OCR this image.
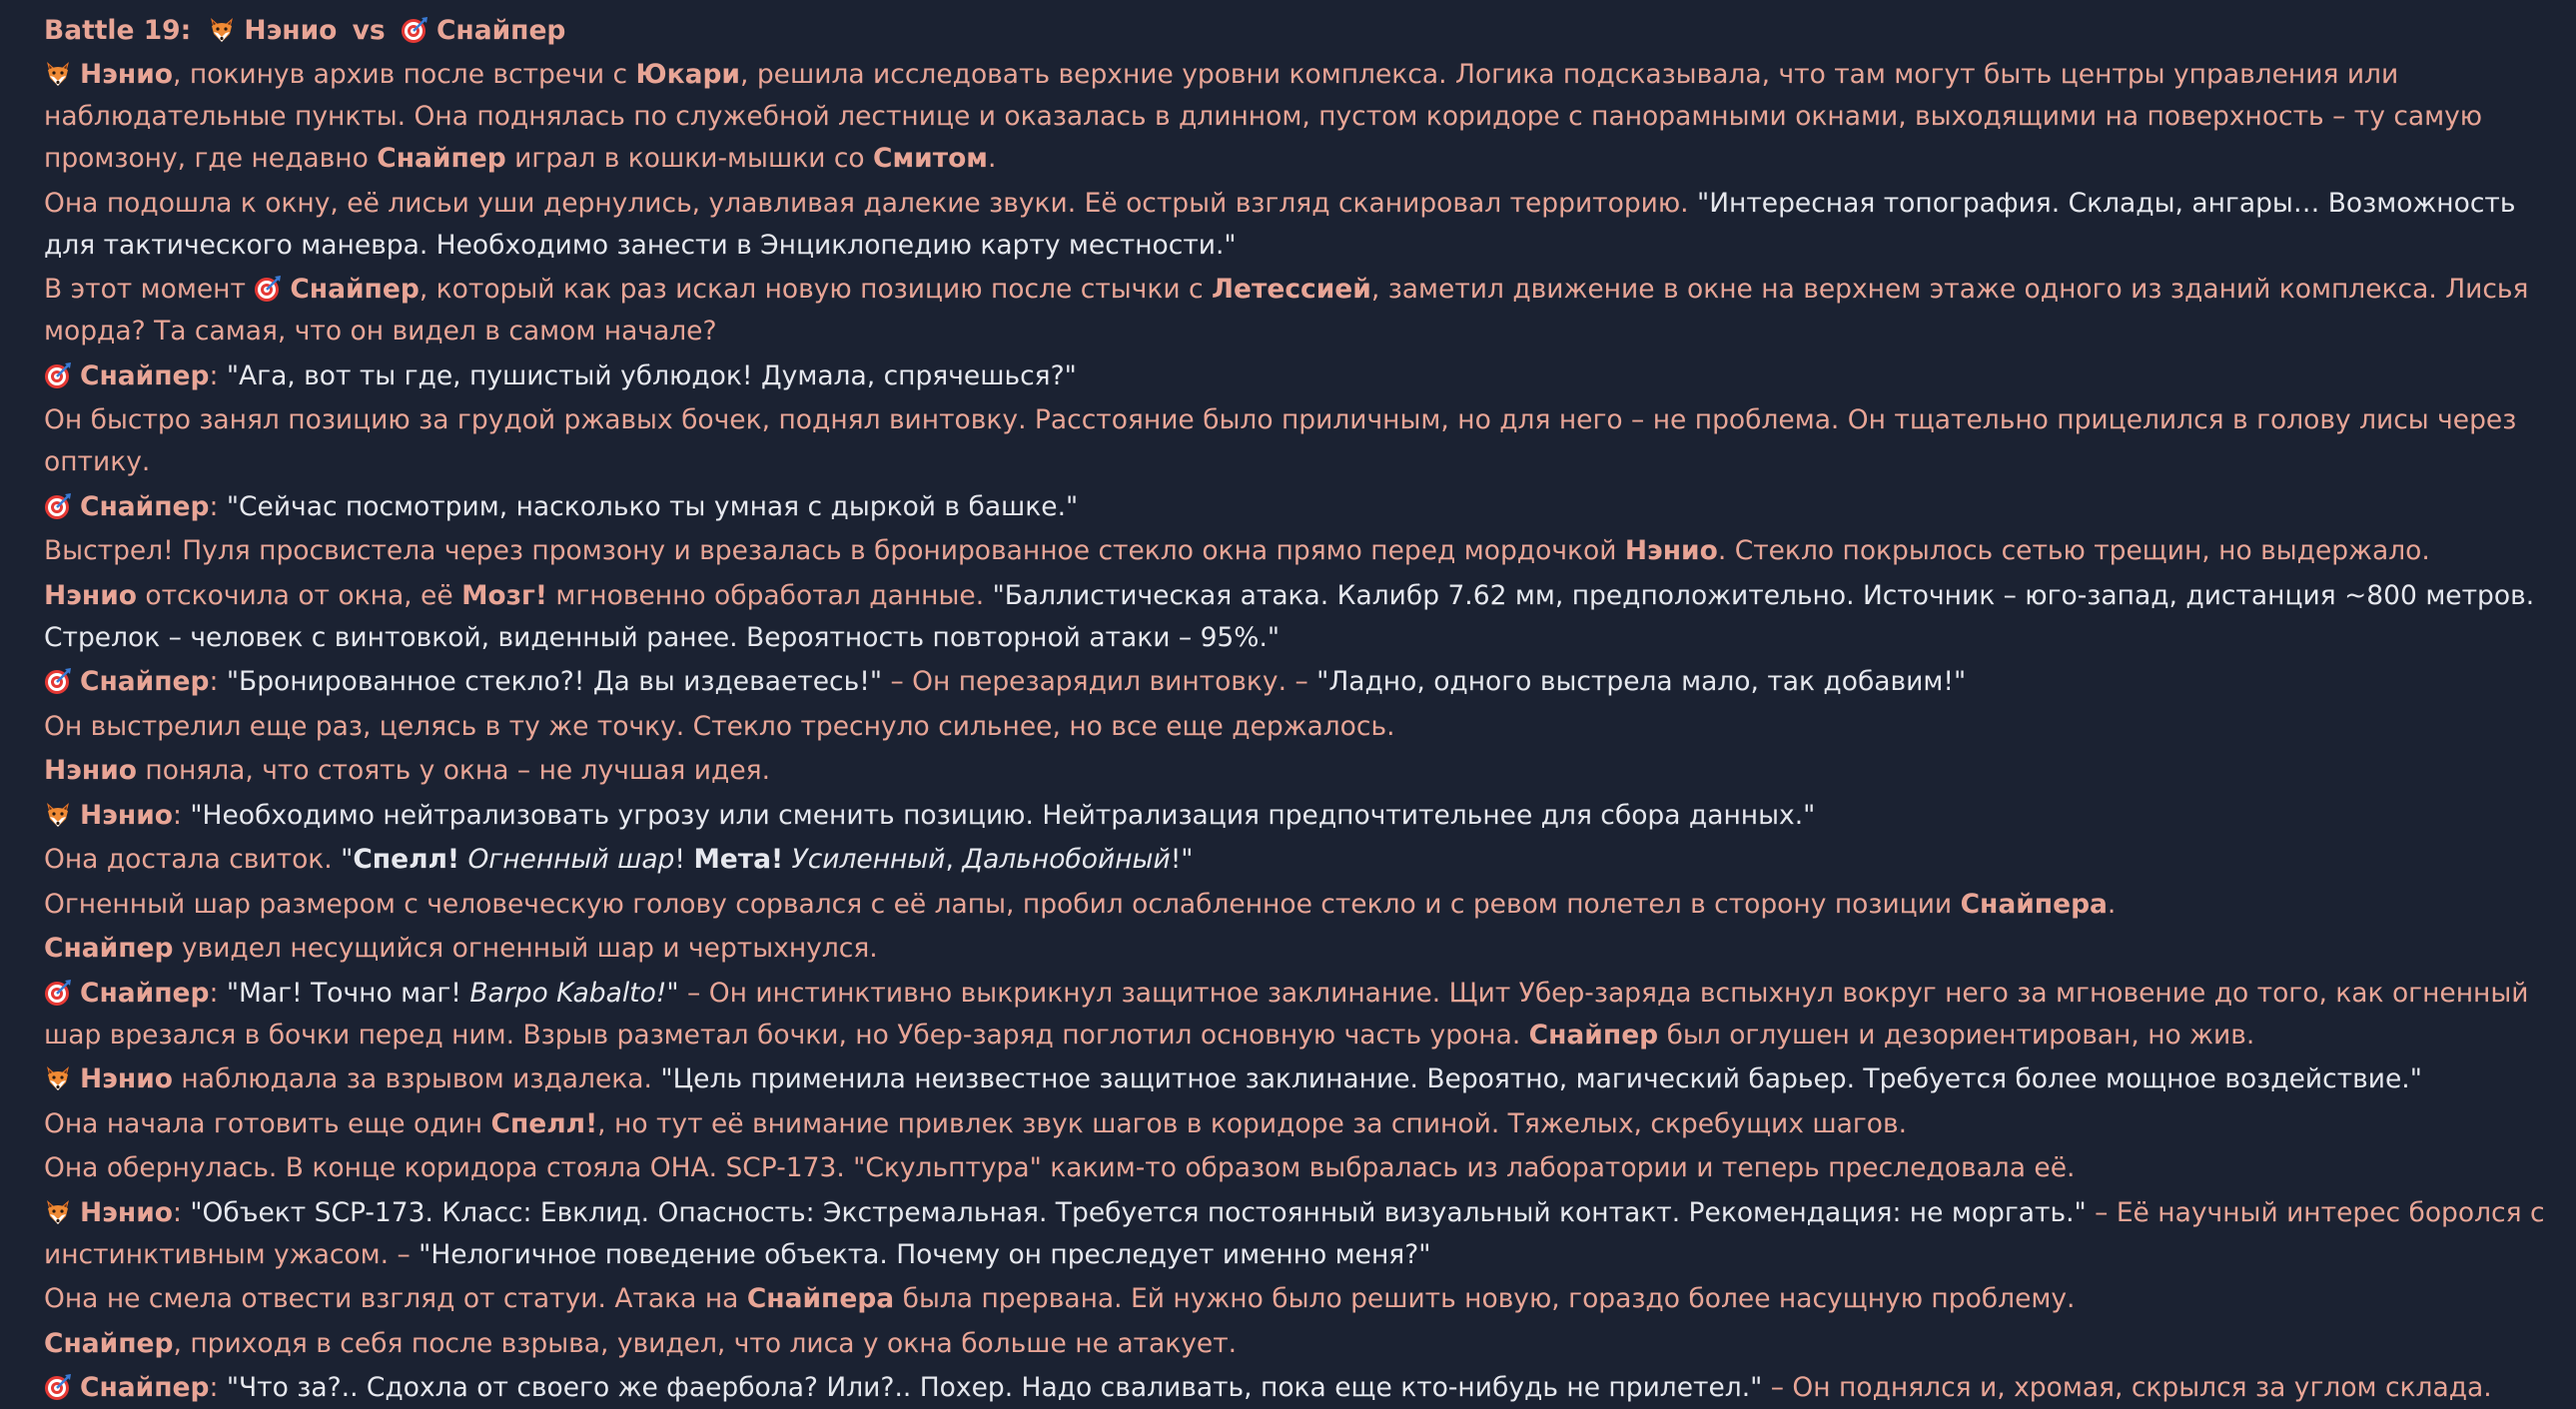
Battle 19: Нэнио vs Снайпер
Нэнио, покинув архив после встречи с Юкари, решила исследовать верхние уровни комплекса. Логика подсказывала, что там могут быть центры управления или наблюдательные пункты. Она поднялась по служебной лестнице и оказалась в длинном, пустом коридоре с панорамными окнами, выходящими на поверхность – ту самую промзону, где недавно Снайпер играл в кошки-мышки со Смитом.
Она подошла к окну, её лисьи уши дернулись, улавливая далекие звуки. Её острый взгляд сканировал территорию. "Интересная топография. Склады, ангары… Возможность для тактического маневра. Необходимо занести в Энциклопедию карту местности."
В этот момент
Снайпер, который как раз искал новую позицию после стычки с Летессией, заметил движение в окне на верхнем этаже одного из зданий комплекса. Лисья морда? Та самая, что он видел в самом начале?
Снайпер: "Ага, вот ты где, пушистый ублюдок! Думала, спрячешься?"
Он быстро занял позицию за грудой ржавых бочек, поднял винтовку. Расстояние было приличным, но для него – не проблема. Он тщательно прицелился в голову лисы через оптику.
Снайпер: "Сейчас посмотрим, насколько ты умная с дыркой в башке."
Выстрел! Пуля просвистела через промзону и врезалась в бронированное стекло окна прямо перед мордочкой Нэнио. Стекло покрылось сетью трещин, но выдержало.
Нэнио отскочила от окна, её Мозг! мгновенно обработал данные. "Баллистическая атака. Калибр 7.62 мм, предположительно. Источник – юго-запад, дистанция ~800 метров. Стрелок – человек с винтовкой, виденный ранее. Вероятность повторной атаки – 95%."
Снайпер: "Бронированное стекло?! Да вы издеваетесь!" – Он перезарядил винтовку. – "Ладно, одного выстрела мало, так добавим!"
Он выстрелил еще раз, целясь в ту же точку. Стекло треснуло сильнее, но все еще держалось.
Нэнио поняла, что стоять у окна – не лучшая идея.
Нэнио: "Необходимо нейтрализовать угрозу или сменить позицию. Нейтрализация предпочтительнее для сбора данных."
Она достала свиток. "Спелл! Огненный шар! Мета! Усиленный, Дальнобойный!"
Огненный шар размером с человеческую голову сорвался с её лапы, пробил ослабленное стекло и с ревом полетел в сторону позиции Снайпера.
Снайпер увидел несущийся огненный шар и чертыхнулся.
Снайпер: "Маг! Точно маг! Barpo Kabalto!" – Он инстинктивно выкрикнул защитное заклинание. Щит Убер-заряда вспыхнул вокруг него за мгновение до того, как огненный шар врезался в бочки перед ним. Взрыв разметал бочки, но Убер-заряд поглотил основную часть урона. Снайпер был оглушен и дезориентирован, но жив.
Нэнио наблюдала за взрывом издалека. "Цель применила неизвестное защитное заклинание. Вероятно, магический барьер. Требуется более мощное воздействие."
Она начала готовить еще один Спелл!, но тут её внимание привлек звук шагов в коридоре за спиной. Тяжелых, скребущих шагов.
Она обернулась. В конце коридора стояла ОНА. SCP-173. "Скульптура" каким-то образом выбралась из лаборатории и теперь преследовала её.
Нэнио: "Объект SCP-173. Класс: Евклид. Опасность: Экстремальная. Требуется постоянный визуальный контакт. Рекомендация: не моргать." – Её научный интерес боролся с инстинктивным ужасом. – "Нелогичное поведение объекта. Почему он преследует именно меня?"
Она не смела отвести взгляд от статуи. Атака на Снайпера была прервана. Ей нужно было решить новую, гораздо более насущную проблему.
Снайпер, приходя в себя после взрыва, увидел, что лиса у окна больше не атакует.
Снайпер: "Что за?.. Сдохла от своего же фаерболa? Или?.. Похер. Надо сваливать, пока еще кто-нибудь не прилетел." – Он поднялся и, хромая, скрылся за углом склада.
